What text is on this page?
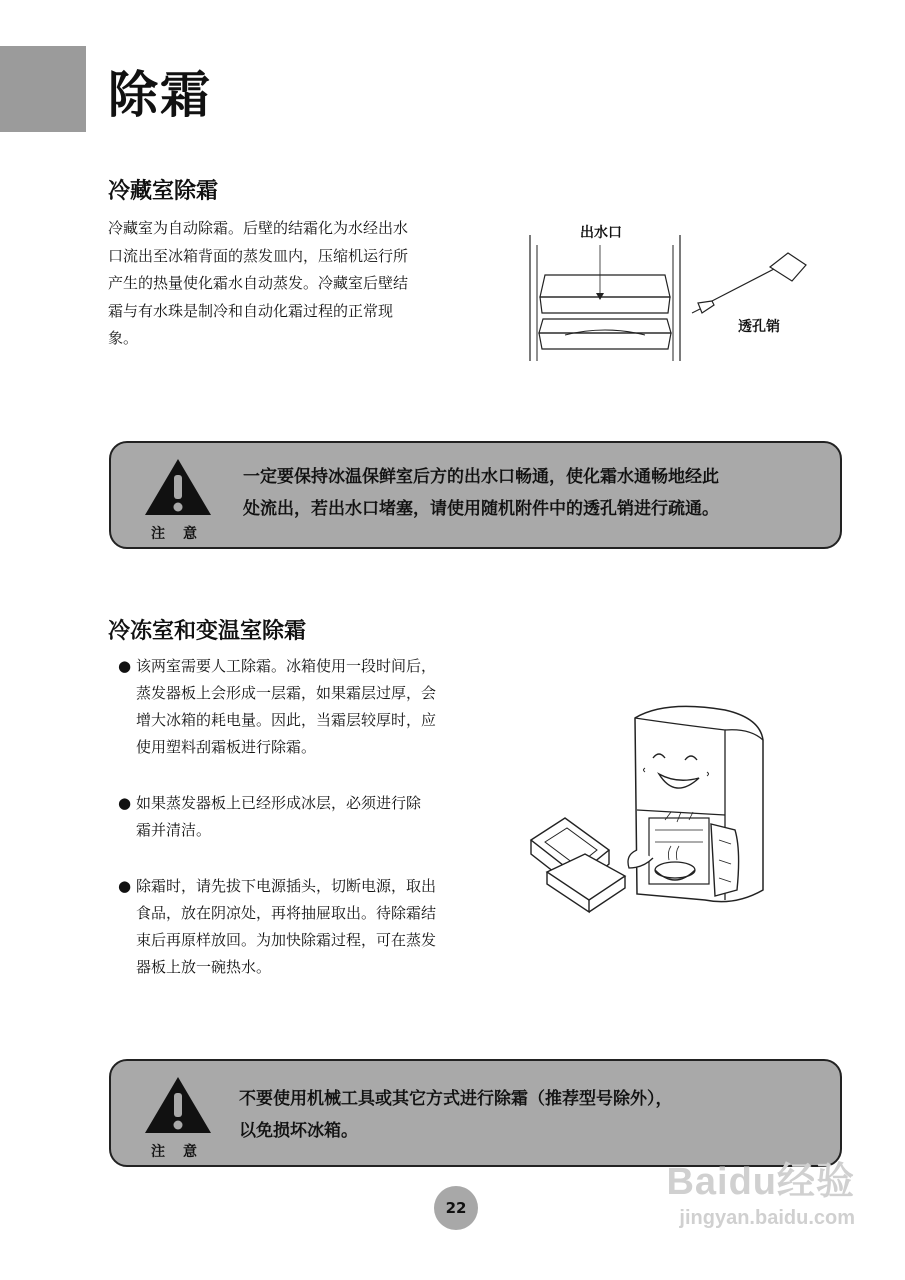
除霜
冷藏室除霜
冷藏室为自动除霜。后壁的结霜化为水经出水
口流出至冰箱背面的蒸发皿内，压缩机运行所
产生的热量使化霜水自动蒸发。冷藏室后壁结
霜与有水珠是制冷和自动化霜过程的正常现
象。
出水口
透孔销
注意
一定要保持冰温保鲜室后方的出水口畅通，使化霜水通畅地经此
处流出，若出水口堵塞，请使用随机附件中的透孔销进行疏通。
冷冻室和变温室除霜
● 该两室需要人工除霜。冰箱使用一段时间后，
蒸发器板上会形成一层霜，如果霜层过厚，会
增大冰箱的耗电量。因此，当霜层较厚时，应
使用塑料刮霜板进行除霜。
● 如果蒸发器板上已经形成冰层，必须进行除
霜并清洁。
● 除霜时，请先拔下电源插头，切断电源，取出
食品，放在阴凉处，再将抽屉取出。待除霜结
束后再原样放回。为加快除霜过程，可在蒸发
器板上放一碗热水。
注意
不要使用机械工具或其它方式进行除霜（推荐型号除外），
以免损坏冰箱。
22
Baidu经验
jingyan.baidu.com
